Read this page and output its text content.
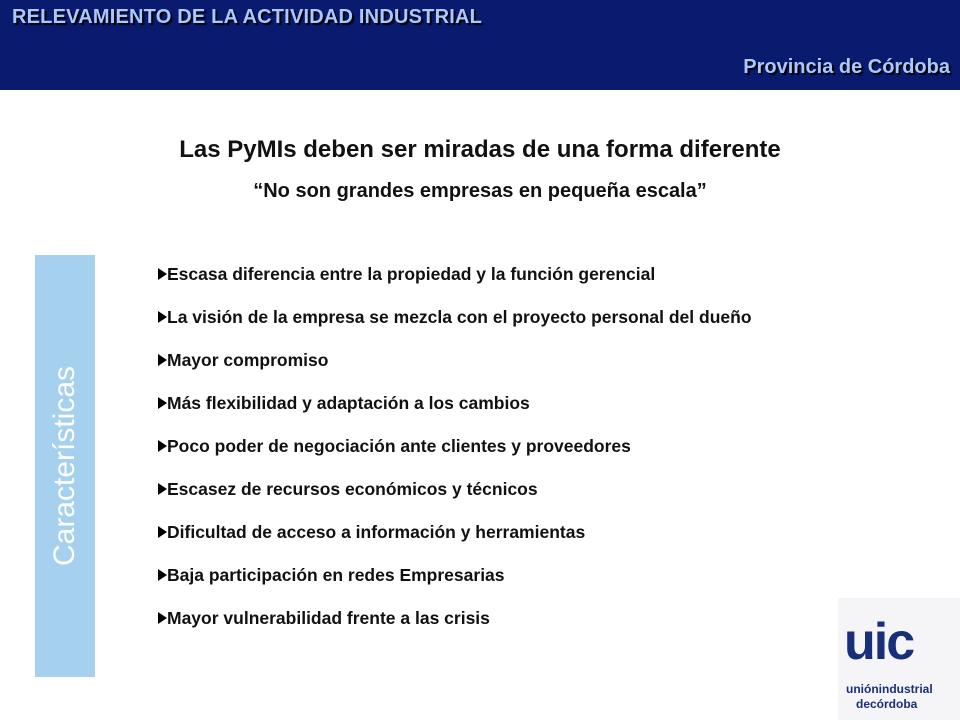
RELEVAMIENTO DE LA ACTIVIDAD INDUSTRIAL
Provincia de Córdoba
Las PyMIs deben ser miradas de una forma diferente
“No son grandes empresas en pequeña escala”
Características
Escasa diferencia entre la propiedad y la función gerencial
La visión de la empresa se mezcla con el proyecto personal del dueño
Mayor compromiso
Más flexibilidad y adaptación a los cambios
Poco poder de negociación ante clientes y proveedores
Escasez de recursos económicos y técnicos
Dificultad de acceso a información y herramientas
Baja participación en redes Empresarias
Mayor vulnerabilidad frente a las crisis	uic
uniónindustrial
decórdoba
